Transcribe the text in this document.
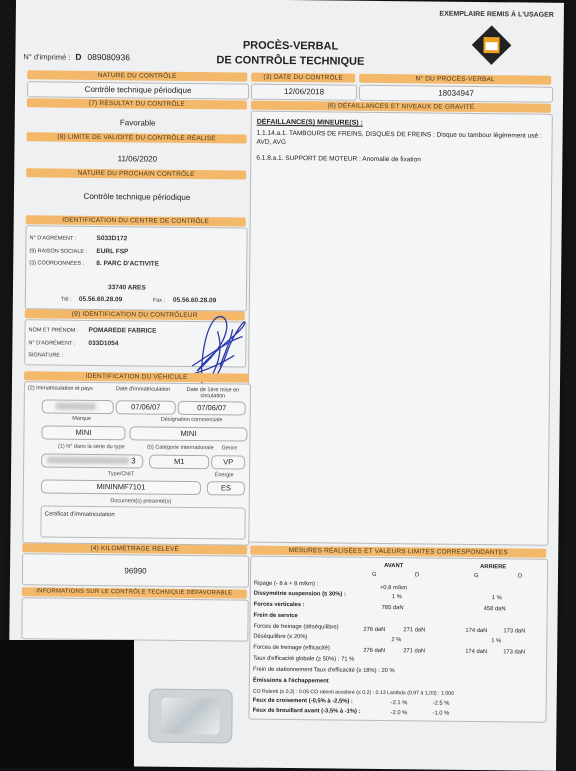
EXEMPLAIRE REMIS À L'USAGER
PROCÈS-VERBAL
DE CONTRÔLE TECHNIQUE
N° d'imprimé : D 089080936
NATURE DU CONTRÔLE
Contrôle technique périodique
(3) DATE DU CONTRÔLE
12/06/2018
N° DU PROCÈS-VERBAL
18034947
(7) RÉSULTAT DU CONTRÔLE
Favorable
(8) LIMITE DE VALIDITÉ DU CONTRÔLE RÉALISÉ
11/06/2020
NATURE DU PROCHAIN CONTRÔLE
Contrôle technique périodique
(6) DÉFAILLANCES ET NIVEAUX DE GRAVITÉ
DÉFAILLANCE(S) MINEURE(S) :
1.1.14.a.1. TAMBOURS DE FREINS, DISQUES DE FREINS : Disque ou tambour légèrement usé : AVD, AVG
6.1.8.a.1. SUPPORT DE MOTEUR : Anomalie de fixation
IDENTIFICATION DU CENTRE DE CONTRÔLE
N° D'AGRÉMENT :	S033D172
(9) RAISON SOCIALE : EURL FSP
(3) COORDONNÉES : 8. PARC D'ACTIVITE
33740 ARES
Tél : 05.56.60.28.09	Fax : 05.56.60.28.09
(9) IDENTIFICATION DU CONTRÔLEUR
NOM ET PRÉNOM : POMAREDE FABRICE
N° D'AGRÉMENT : 033D1054
SIGNATURE :
IDENTIFICATION DU VÉHICULE
(2) Immatriculation et pays	Date d'immatriculation	Date de 1ère mise en circulation
07/06/07	07/06/07
Marque	Désignation commerciale
MINI	MINI
(1) N° dans la série du type	(5) Catégorie internationale	Genre
3	M1	VP
Type/CNIT	Énergie
MININMF7101	ES
Document(s) présenté(s)
Certificat d'immatriculation
(4) KILOMÉTRAGE RELEVÉ
96990
INFORMATIONS SUR LE CONTRÔLE TECHNIQUE DÉFAVORABLE
MESURES RÉALISÉES ET VALEURS LIMITES CORRESPONDANTES
AVANT	ARRIERE
G	D	G	D
Ripage (- 8 à + 8 m/km) :
+0.8 m/km
Dissymétrie suspension (≤ 30%) :	1 %	1 %
Forces verticales :	785 daN	458 daN
Frein de service
Forces de freinage (déséquilibre)	276 daN	271 daN	174 daN	173 daN
Déséquilibre (≤ 20%)	2 %	1 %
Forces de freinage (efficacité)	276 daN	271 daN	174 daN	173 daN
Taux d'efficacité globale (≥ 50%) : 71 %
Frein de stationnement Taux d'efficacité (≥ 18%) : 20 %
Émissions à l'échappement
CO Ralenti (≤ 0,3) : 0.05 CO ralenti accéléré (≤ 0,2) : 0.13 Lambda (0,97 à 1,03) : 1.000
Feux de croisement (-0,5% à -2,5%) :	-2.1 %	-2.5 %
Feux de brouillard avant (-3,5% à -1%) :	-2.0 %	-1.0 %
